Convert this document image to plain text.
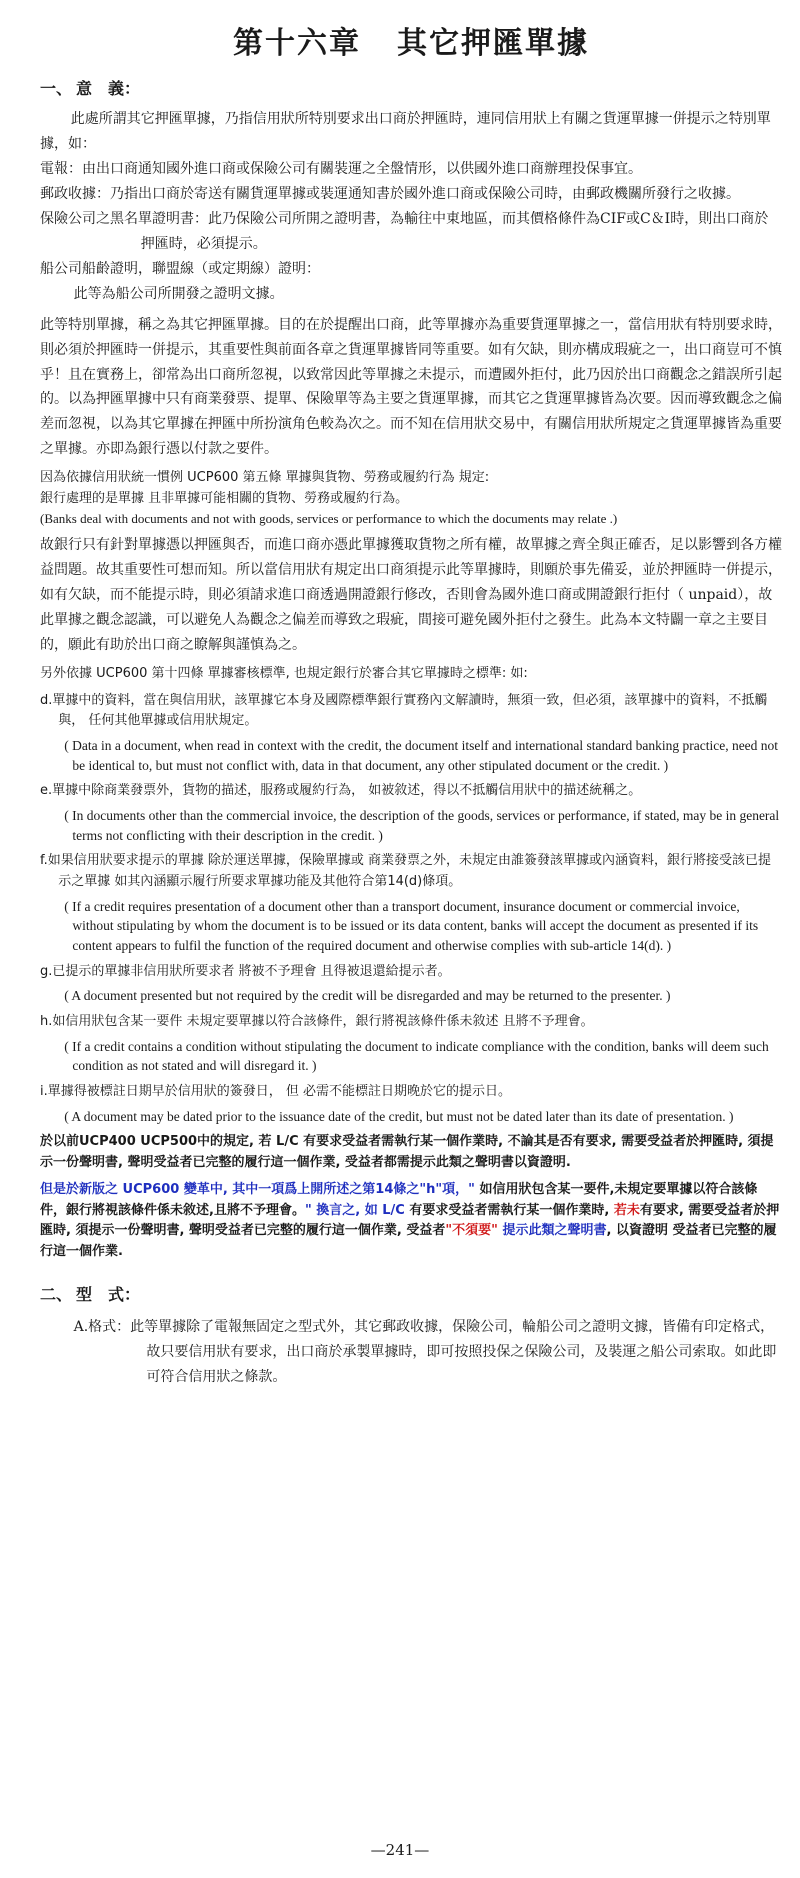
第十六章 其它押匯單據
一、 意　義：

此處所謂其它押匯單據，乃指信用狀所特別要求出口商於押匯時，連同信用狀上有關之貨運單據一併提示之特別單據，如：

電報：由出口商通知國外進口商或保險公司有關裝運之全盤情形，以供國外進口商辦理投保事宜。

郵政收據：乃指出口商於寄送有關貨運單據或裝運通知書於國外進口商或保險公司時，由郵政機關所發行之收據。

保險公司之黑名單證明書：此乃保險公司所開之證明書，為輸往中東地區，而其價格條件為CIF或C＆I時，則出口商於押匯時，必須提示。

船公司船齡證明，聯盟線（或定期線）證明：

此等為船公司所開發之證明文據。

此等特別單據，稱之為其它押匯單據。目的在於提醒出口商，此等單據亦為重要貨運單據之一，當信用狀有特別要求時，則必須於押匯時一併提示，其重要性與前面各章之貨運單據皆同等重要。如有欠缺，則亦構成瑕疵之一，出口商豈可不慎乎！且在實務上，卻常為出口商所忽視，以致常因此等單據之未提示，而遭國外拒付，此乃因於出口商觀念之錯誤所引起的。以為押匯單據中只有商業發票、提單、保險單等為主要之貨運單據，而其它之貨運單據皆為次要。因而導致觀念之偏差而忽視，以為其它單據在押匯中所扮演角色較為次之。而不知在信用狀交易中，有關信用狀所規定之貨運單據皆為重要之單據。亦即為銀行憑以付款之要件。

因為依據信用狀統一慣例 UCP600 第五條 單據與貨物、勞務或履約行為 規定:

銀行處理的是單據 且非單據可能相關的貨物、勞務或履約行為。

(Banks deal with documents and not with goods, services or performance to which the documents may relate .)

故銀行只有針對單據憑以押匯與否，而進口商亦憑此單據獲取貨物之所有權，故單據之齊全與正確否，足以影響到各方權益問題。故其重要性可想而知。所以當信用狀有規定出口商須提示此等單據時，則願於事先備妥，並於押匯時一併提示，如有欠缺，而不能提示時，則必須請求進口商透過開證銀行修改，否則會為國外進口商或開證銀行拒付（ unpaid），故此單據之觀念認識，可以避免人為觀念之偏差而導致之瑕疵，間接可避免國外拒付之發生。此為本文特闢一章之主要目的，願此有助於出口商之瞭解與謹慎為之。

另外依據 UCP600 第十四條 單據審核標準, 也規定銀行於審合其它單據時之標準: 如:

d.單據中的資料，當在與信用狀，該單據它本身及國際標準銀行實務內文解讀時，無須一致，但必須，該單據中的資料，不抵觸與， 任何其他單據或信用狀規定。

( Data in a document, when read in context with the credit, the document itself and international standard banking practice, need not be identical to, but must not conflict with, data in that document, any other stipulated document or the credit. )

e.單據中除商業發票外，貨物的描述，服務或履約行為， 如被敘述，得以不抵觸信用狀中的描述統稱之。

( In documents other than the commercial invoice, the description of the goods, services or performance, if stated, may be in general terms not conflicting with their description in the credit. )

f.如果信用狀要求提示的單據 除於運送單據，保險單據或 商業發票之外，未規定由誰簽發該單據或內涵資料，銀行將接受該已提示之單據 如其內涵顯示履行所要求單據功能及其他符合第14(d)條項。

( If a credit requires presentation of a document other than a transport document, insurance document or commercial invoice, without stipulating by whom the document is to be issued or its data content, banks will accept the document as presented if its content appears to fulfil the function of the required document and otherwise complies with sub-article 14(d). )

g.已提示的單據非信用狀所要求者 將被不予理會 且得被退還給提示者。

( A document presented but not required by the credit will be disregarded and may be returned to the presenter. )

h.如信用狀包含某一要件 未規定要單據以符合該條件，銀行將視該條件係未敘述 且將不予理會。

( If a credit contains a condition without stipulating the document to indicate compliance with the condition, banks will deem such condition as not stated and will disregard it. )

i.單據得被標註日期早於信用狀的簽發日， 但 必需不能標註日期晚於它的提示日。

( A document may be dated prior to the issuance date of the credit, but must not be dated later than its date of presentation. )

於以前UCP400 UCP500中的規定, 若 L/C 有要求受益者需執行某一個作業時, 不論其是否有要求, 需要受益者於押匯時, 須提示一份聲明書, 聲明受益者已完整的履行這一個作業, 受益者都需提示此類之聲明書以資證明.

但是於新版之 UCP600 變革中, 其中一項爲上開所述之第14條之"h"項，" 如信用狀包含某一要件,未規定要單據以符合該條件，銀行將視該條件係未敘述,且將不予理會。" 換言之, 如 L/C 有要求受益者需執行某一個作業時, 若未有要求, 需要受益者於押匯時, 須提示一份聲明書, 聲明受益者已完整的履行這一個作業, 受益者"不須要" 提示此類之聲明書, 以資證明 受益者已完整的履行這一個作業.

二、 型　式：

A.格式：此等單據除了電報無固定之型式外，其它郵政收據，保險公司，輪船公司之證明文據，皆備有印定格式，故只要信用狀有要求，出口商於承製單據時，即可按照投保之保險公司，及裝運之船公司索取。如此即可符合信用狀之條款。

—241—
